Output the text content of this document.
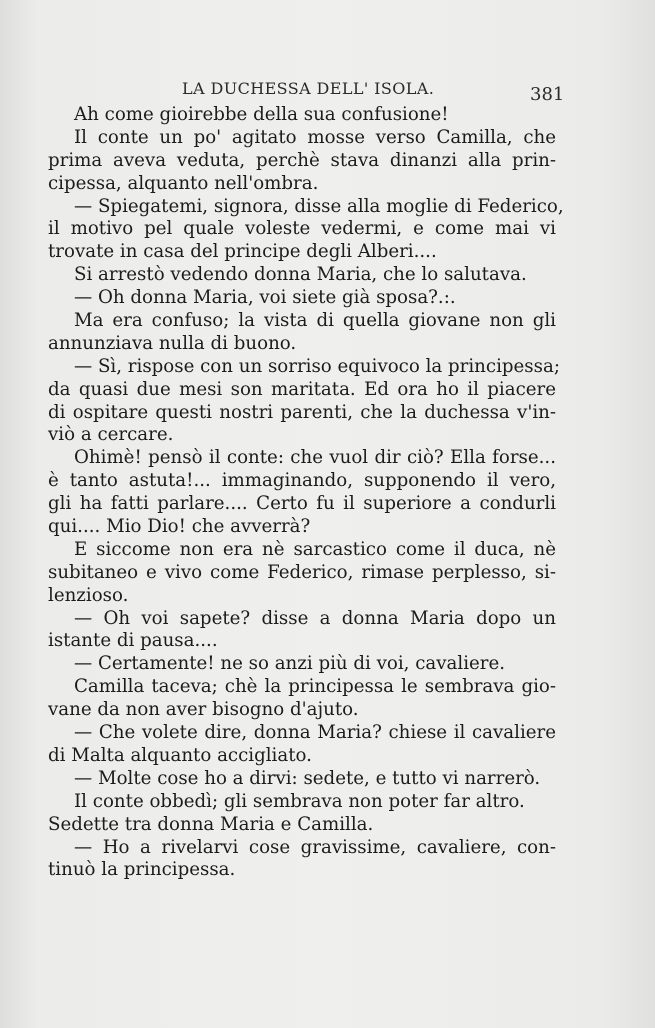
LA DUCHESSA DELL' ISOLA.	381
Ah come gioirebbe della sua confusione!
Il conte un po' agitato mosse verso Camilla, che
prima aveva veduta, perchè stava dinanzi alla prin-
cipessa, alquanto nell'ombra.
— Spiegatemi, signora, disse alla moglie di Federico,
il motivo pel quale voleste vedermi, e come mai vi
trovate in casa del principe degli Alberi....
Si arrestò vedendo donna Maria, che lo salutava.
— Oh donna Maria, voi siete già sposa?.:.
Ma era confuso; la vista di quella giovane non gli
annunziava nulla di buono.
— Sì, rispose con un sorriso equivoco la principessa;
da quasi due mesi son maritata. Ed ora ho il piacere
di ospitare questi nostri parenti, che la duchessa v'in-
viò a cercare.
Ohimè! pensò il conte: che vuol dir ciò? Ella forse...
è tanto astuta!... immaginando, supponendo il vero,
gli ha fatti parlare.... Certo fu il superiore a condurli
qui.... Mio Dio! che avverrà?
E siccome non era nè sarcastico come il duca, nè
subitaneo e vivo come Federico, rimase perplesso, si-
lenzioso.
— Oh voi sapete? disse a donna Maria dopo un
istante di pausa....
— Certamente! ne so anzi più di voi, cavaliere.
Camilla taceva; chè la principessa le sembrava gio-
vane da non aver bisogno d'ajuto.
— Che volete dire, donna Maria? chiese il cavaliere
di Malta alquanto accigliato.
— Molte cose ho a dirvi: sedete, e tutto vi narrerò.
Il conte obbedì; gli sembrava non poter far altro.
Sedette tra donna Maria e Camilla.
— Ho a rivelarvi cose gravissime, cavaliere, con-
tinuò la principessa.
